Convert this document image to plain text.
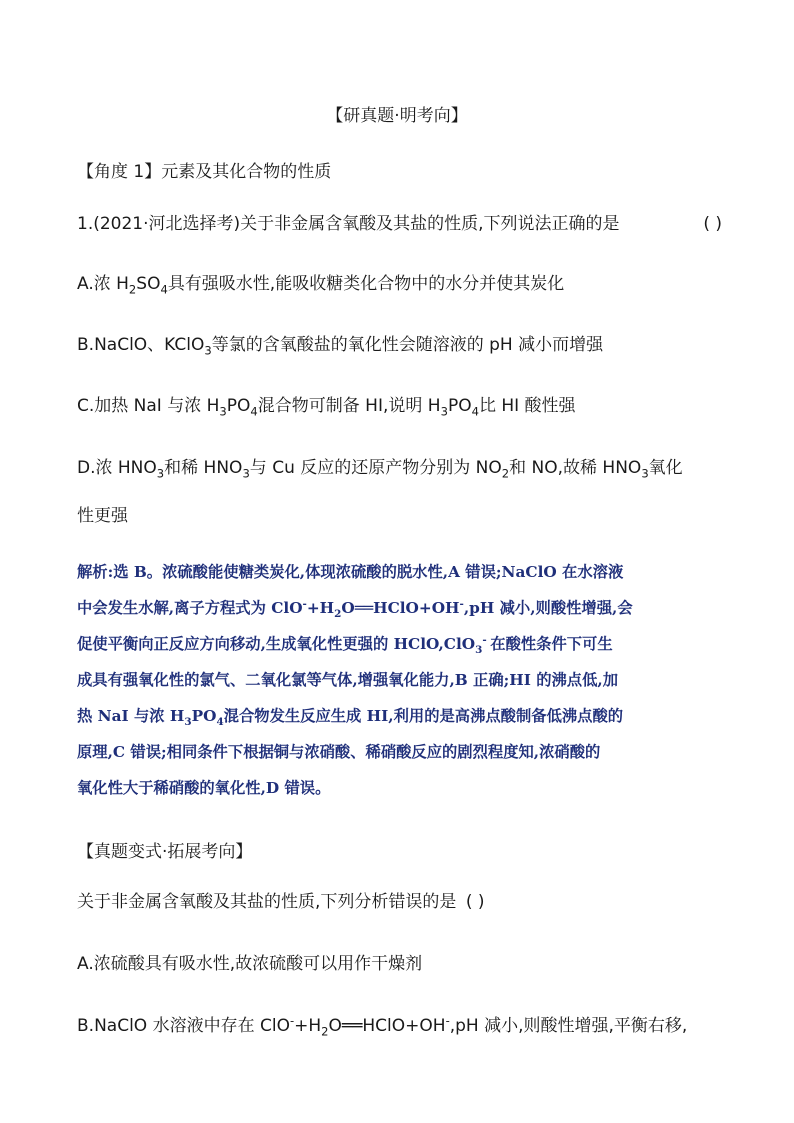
【研真题·明考向】
【角度 1】元素及其化合物的性质
1.(2021·河北选择考)关于非金属含氧酸及其盐的性质,下列说法正确的是	( )
A.浓 $H_2SO_4$具有强吸水性,能吸收糖类化合物中的水分并使其炭化
B.NaClO、KClO$_3$等氯的含氧酸盐的氧化性会随溶液的 pH 减小而增强
C.加热 NaI 与浓 $H_3PO_4$混合物可制备 HI,说明 $H_3PO_4$比 HI 酸性强
D.浓 $HNO_3$和稀 $HNO_3$与 Cu 反应的还原产物分别为 $NO_2$和 NO,故稀 $HNO_3$氧化
性更强
解析:选 B。浓硫酸能使糖类炭化,体现浓硫酸的脱水性,A 错误;NaClO 在水溶液
中会发生水解,离子方程式为 $ClO^-+H_2O══HClO+OH^-,pH$ 减小,则酸性增强,会
促使平衡向正反应方向移动,生成氧化性更强的 HClO,ClO$_3$- 在酸性条件下可生
成具有强氧化性的氯气、二氧化氯等气体,增强氧化能力,B 正确;HI 的沸点低,加
热 NaI 与浓 $H_3PO_4$混合物发生反应生成 HI,利用的是高沸点酸制备低沸点酸的
原理,C 错误;相同条件下根据铜与浓硝酸、稀硝酸反应的剧烈程度知,浓硝酸的
氧化性大于稀硝酸的氧化性,D 错误。
【真题变式·拓展考向】
关于非金属含氧酸及其盐的性质,下列分析错误的是 ( )
A.浓硫酸具有吸水性,故浓硫酸可以用作干燥剂
B.NaClO 水溶液中存在 $ClO^-+H_2O══HClO+OH^-,pH$ 减小,则酸性增强,平衡右移,
